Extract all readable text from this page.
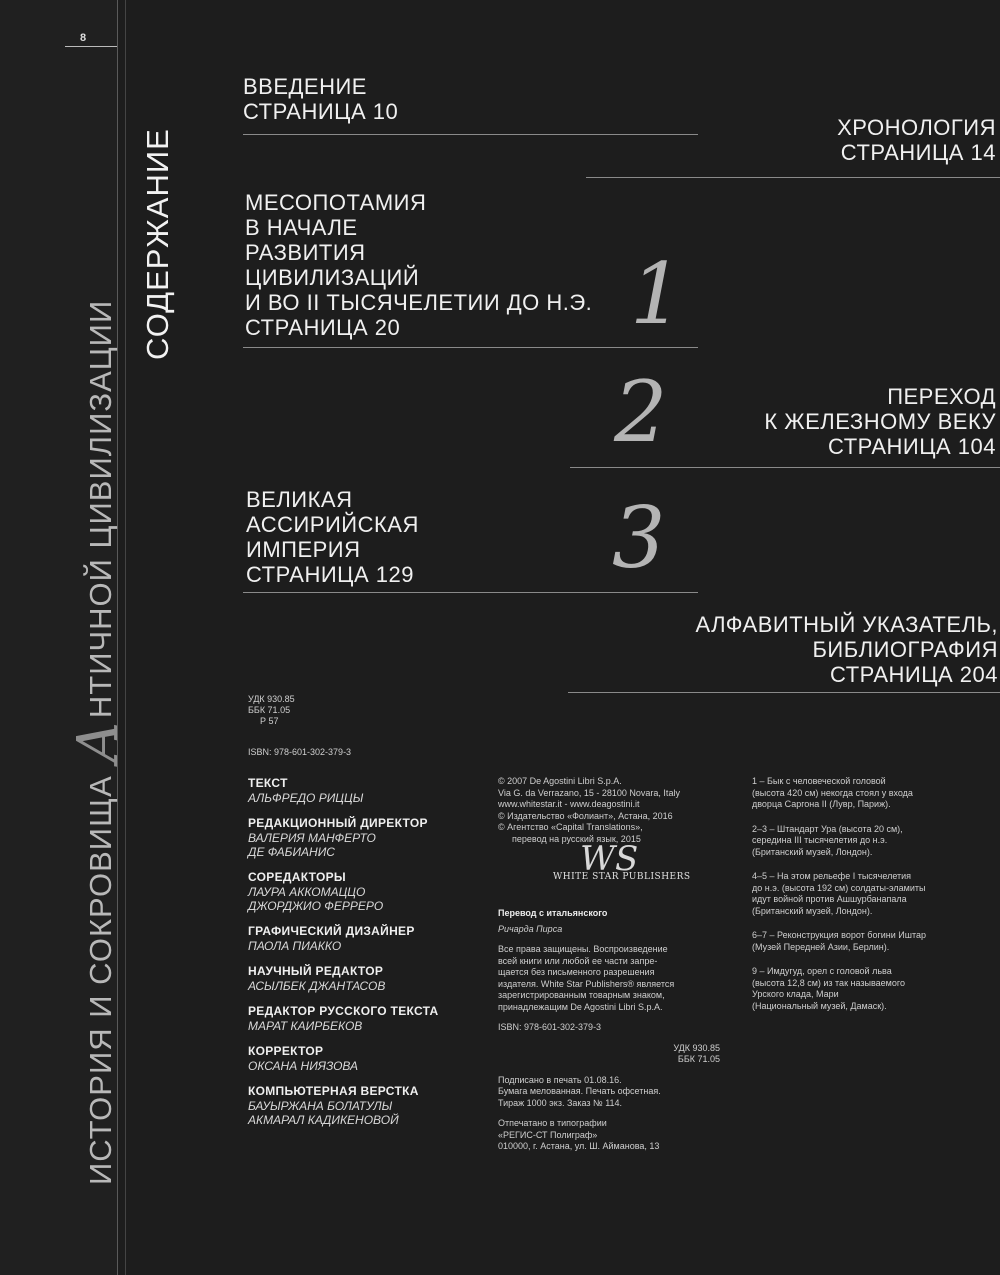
8
ИСТОРИЯ И СОКРОВИЩА АНТИЧНОЙ ЦИВИЛИЗАЦИИ
СОДЕРЖАНИЕ
ВВЕДЕНИЕ
СТРАНИЦА 10
ХРОНОЛОГИЯ
СТРАНИЦА 14
МЕСОПОТАМИЯ
В НАЧАЛЕ
РАЗВИТИЯ
ЦИВИЛИЗАЦИЙ
И ВО II ТЫСЯЧЕЛЕТИИ ДО Н.Э.
СТРАНИЦА 20	1
2	ПЕРЕХОД
К ЖЕЛЕЗНОМУ ВЕКУ
СТРАНИЦА 104
ВЕЛИКАЯ
АССИРИЙСКАЯ
ИМПЕРИЯ
СТРАНИЦА 129 3
АЛФАВИТНЫЙ УКАЗАТЕЛЬ,
БИБЛИОГРАФИЯ
СТРАНИЦА 204
УДК 930.85
ББК 71.05
Р 57
ISBN: 978-601-302-379-3
ТЕКСТ
АЛЬФРЕДО РИЦЦЫ
РЕДАКЦИОННЫЙ ДИРЕКТОР
ВАЛЕРИЯ МАНФЕРТО
ДЕ ФАБИАНИС
СОРЕДАКТОРЫ
ЛАУРА АККОМАЦЦО
ДЖОРДЖИО ФЕРРЕРО
ГРАФИЧЕСКИЙ ДИЗАЙНЕР
ПАОЛА ПИАККО
НАУЧНЫЙ РЕДАКТОР
АСЫЛБЕК ДЖАНТАСОВ
РЕДАКТОР РУССКОГО ТЕКСТА
МАРАТ КАИРБЕКОВ
КОРРЕКТОР
ОКСАНА НИЯЗОВА
КОМПЬЮТЕРНАЯ ВЕРСТКА
БАУЫРЖАНА БОЛАТУЛЫ
АКМАРАЛ КАДИКЕНОВОЙ

© 2007 De Agostini Libri S.p.A.
Via G. da Verrazano, 15 - 28100 Novara, Italy
www.whitestar.it - www.deagostini.it
© Издательство «Фолиант», Астана, 2016
© Агентство «Capital Translations»,
перевод на русский язык, 2015

WS
WHITE STAR PUBLISHERS

Перевод с итальянского

Ричарда Пирса

Все права защищены. Воспроизведение
всей книги или любой ее части запре-
щается без письменного разрешения
издателя. White Star Publishers® является
зарегистрированным товарным знаком,
принадлежащим De Agostini Libri S.p.A.

ISBN: 978-601-302-379-3

УДК 930.85
ББК 71.05

Подписано в печать 01.08.16.
Бумага мелованная. Печать офсетная.
Тираж 1000 экз. Заказ № 114.

Отпечатано в типографии
«РЕГИС-СТ Полиграф»
010000, г. Астана, ул. Ш. Айманова, 13

1 – Бык с человеческой головой
(высота 420 см) некогда стоял у входа
дворца Саргона II (Лувр, Париж).

2–3 – Штандарт Ура (высота 20 см),
середина III тысячелетия до н.э.
(Британский музей, Лондон).

4–5 – На этом рельефе I тысячелетия
до н.э. (высота 192 см) солдаты-эламиты
идут войной против Ашшурбанапала
(Британский музей, Лондон).

6–7 – Реконструкция ворот богини Иштар
(Музей Передней Азии, Берлин).

9 – Имдугуд, орел с головой льва
(высота 12,8 см) из так называемого
Урского клада, Мари
(Национальный музей, Дамаск).
